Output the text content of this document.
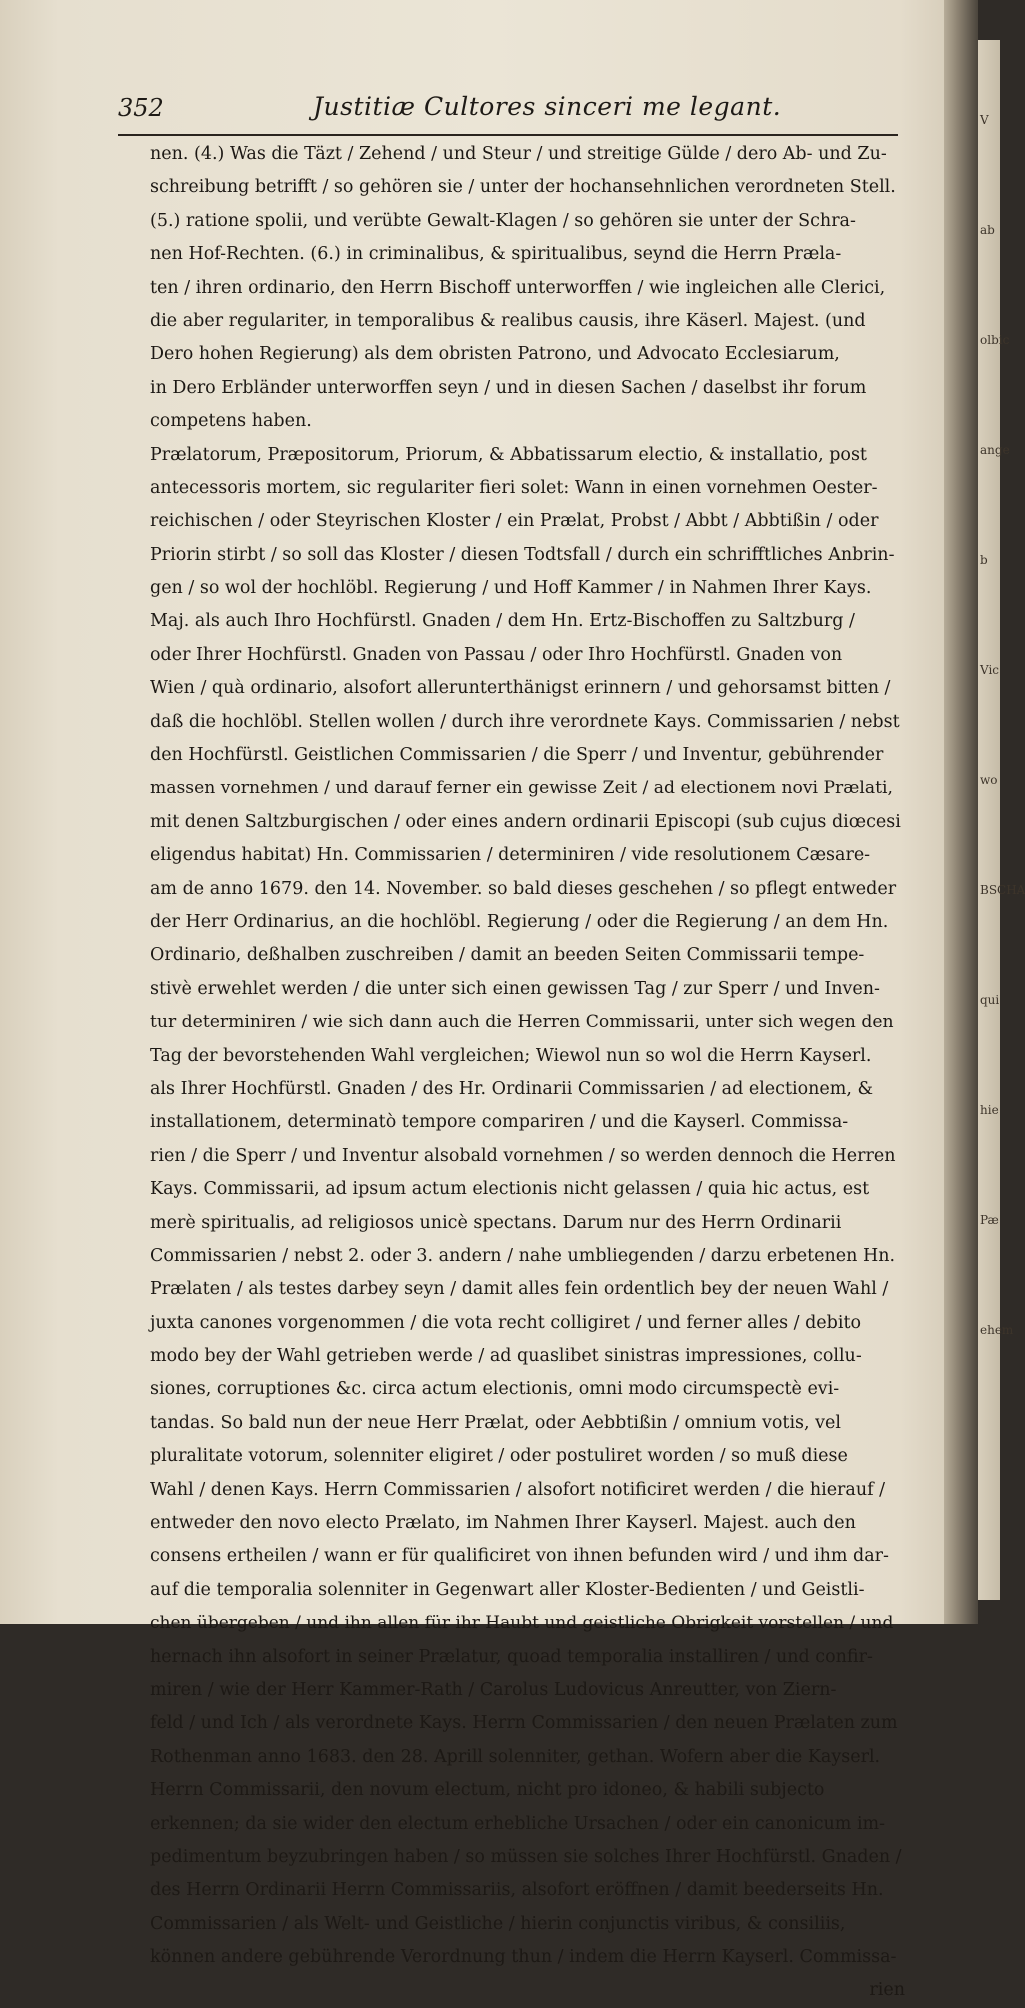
352	Justitiæ Cultores sinceri me legant.
nen. (4.) Was die Täzt / Zehend / und Steur / und streitige Gülde / dero Ab- und Zu-
schreibung betrifft / so gehören sie / unter der hochansehnlichen verordneten Stell.
(5.) ratione spolii, und verübte Gewalt-Klagen / so gehören sie unter der Schra-
nen Hof-Rechten. (6.) in criminalibus, & spiritualibus, seynd die Herrn Præla-
ten / ihren ordinario, den Herrn Bischoff unterworffen / wie ingleichen alle Clerici,
die aber regulariter, in temporalibus & realibus causis, ihre Käserl. Majest. (und
Dero hohen Regierung) als dem obristen Patrono, und Advocato Ecclesiarum,
in Dero Erbländer unterworffen seyn / und in diesen Sachen / daselbst ihr forum
competens haben.
Prælatorum, Præpositorum, Priorum, & Abbatissarum electio, & installatio, post
antecessoris mortem, sic regulariter fieri solet: Wann in einen vornehmen Oester-
reichischen / oder Steyrischen Kloster / ein Prælat, Probst / Abbt / Abbtißin / oder
Priorin stirbt / so soll das Kloster / diesen Todtsfall / durch ein schrifftliches Anbrin-
gen / so wol der hochlöbl. Regierung / und Hoff Kammer / in Nahmen Ihrer Kays.
Maj. als auch Ihro Hochfürstl. Gnaden / dem Hn. Ertz-Bischoffen zu Saltzburg /
oder Ihrer Hochfürstl. Gnaden von Passau / oder Ihro Hochfürstl. Gnaden von
Wien / quà ordinario, alsofort allerunterthänigst erinnern / und gehorsamst bitten /
daß die hochlöbl. Stellen wollen / durch ihre verordnete Kays. Commissarien / nebst
den Hochfürstl. Geistlichen Commissarien / die Sperr / und Inventur, gebührender
massen vornehmen / und darauf ferner ein gewisse Zeit / ad electionem novi Prælati,
mit denen Saltzburgischen / oder eines andern ordinarii Episcopi (sub cujus diœcesi
eligendus habitat) Hn. Commissarien / determiniren / vide resolutionem Cæsare-
am de anno 1679. den 14. November. so bald dieses geschehen / so pflegt entweder
der Herr Ordinarius, an die hochlöbl. Regierung / oder die Regierung / an dem Hn.
Ordinario, deßhalben zuschreiben / damit an beeden Seiten Commissarii tempe-
stivè erwehlet werden / die unter sich einen gewissen Tag / zur Sperr / und Inven-
tur determiniren / wie sich dann auch die Herren Commissarii, unter sich wegen den
Tag der bevorstehenden Wahl vergleichen; Wiewol nun so wol die Herrn Kayserl.
als Ihrer Hochfürstl. Gnaden / des Hr. Ordinarii Commissarien / ad electionem, &
installationem, determinatò tempore compariren / und die Kayserl. Commissa-
rien / die Sperr / und Inventur alsobald vornehmen / so werden dennoch die Herren
Kays. Commissarii, ad ipsum actum electionis nicht gelassen / quia hic actus, est
merè spiritualis, ad religiosos unicè spectans. Darum nur des Herrn Ordinarii
Commissarien / nebst 2. oder 3. andern / nahe umbliegenden / darzu erbetenen Hn.
Prælaten / als testes darbey seyn / damit alles fein ordentlich bey der neuen Wahl /
juxta canones vorgenommen / die vota recht colligiret / und ferner alles / debito
modo bey der Wahl getrieben werde / ad quaslibet sinistras impressiones, collu-
siones, corruptiones &c. circa actum electionis, omni modo circumspectè evi-
tandas. So bald nun der neue Herr Prælat, oder Aebbtißin / omnium votis, vel
pluralitate votorum, solenniter eligiret / oder postuliret worden / so muß diese
Wahl / denen Kays. Herrn Commissarien / alsofort notificiret werden / die hierauf /
entweder den novo electo Prælato, im Nahmen Ihrer Kayserl. Majest. auch den
consens ertheilen / wann er für qualificiret von ihnen befunden wird / und ihm dar-
auf die temporalia solenniter in Gegenwart aller Kloster-Bedienten / und Geistli-
chen übergeben / und ihn allen für ihr Haubt und geistliche Obrigkeit vorstellen / und
hernach ihn alsofort in seiner Prælatur, quoad temporalia installiren / und confir-
miren / wie der Herr Kammer-Rath / Carolus Ludovicus Anreutter, von Ziern-
feld / und Ich / als verordnete Kays. Herrn Commissarien / den neuen Prælaten zum
Rothenman anno 1683. den 28. Aprill solenniter, gethan. Wofern aber die Kayserl.
Herrn Commissarii, den novum electum, nicht pro idoneo, & habili subjecto
erkennen; da sie wider den electum erhebliche Ursachen / oder ein canonicum im-
pedimentum beyzubringen haben / so müssen sie solches Ihrer Hochfürstl. Gnaden /
des Herrn Ordinarii Herrn Commissariis, alsofort eröffnen / damit beederseits Hn.
Commissarien / als Welt- und Geistliche / hierin conjunctis viribus, & consiliis,
können andere gebührende Verordnung thun / indem die Herrn Kayserl. Commissa-
rien
V
ab
olbic
ange
b
Vic
wo
BSCHA
qui
hie
Pæ
ehem
